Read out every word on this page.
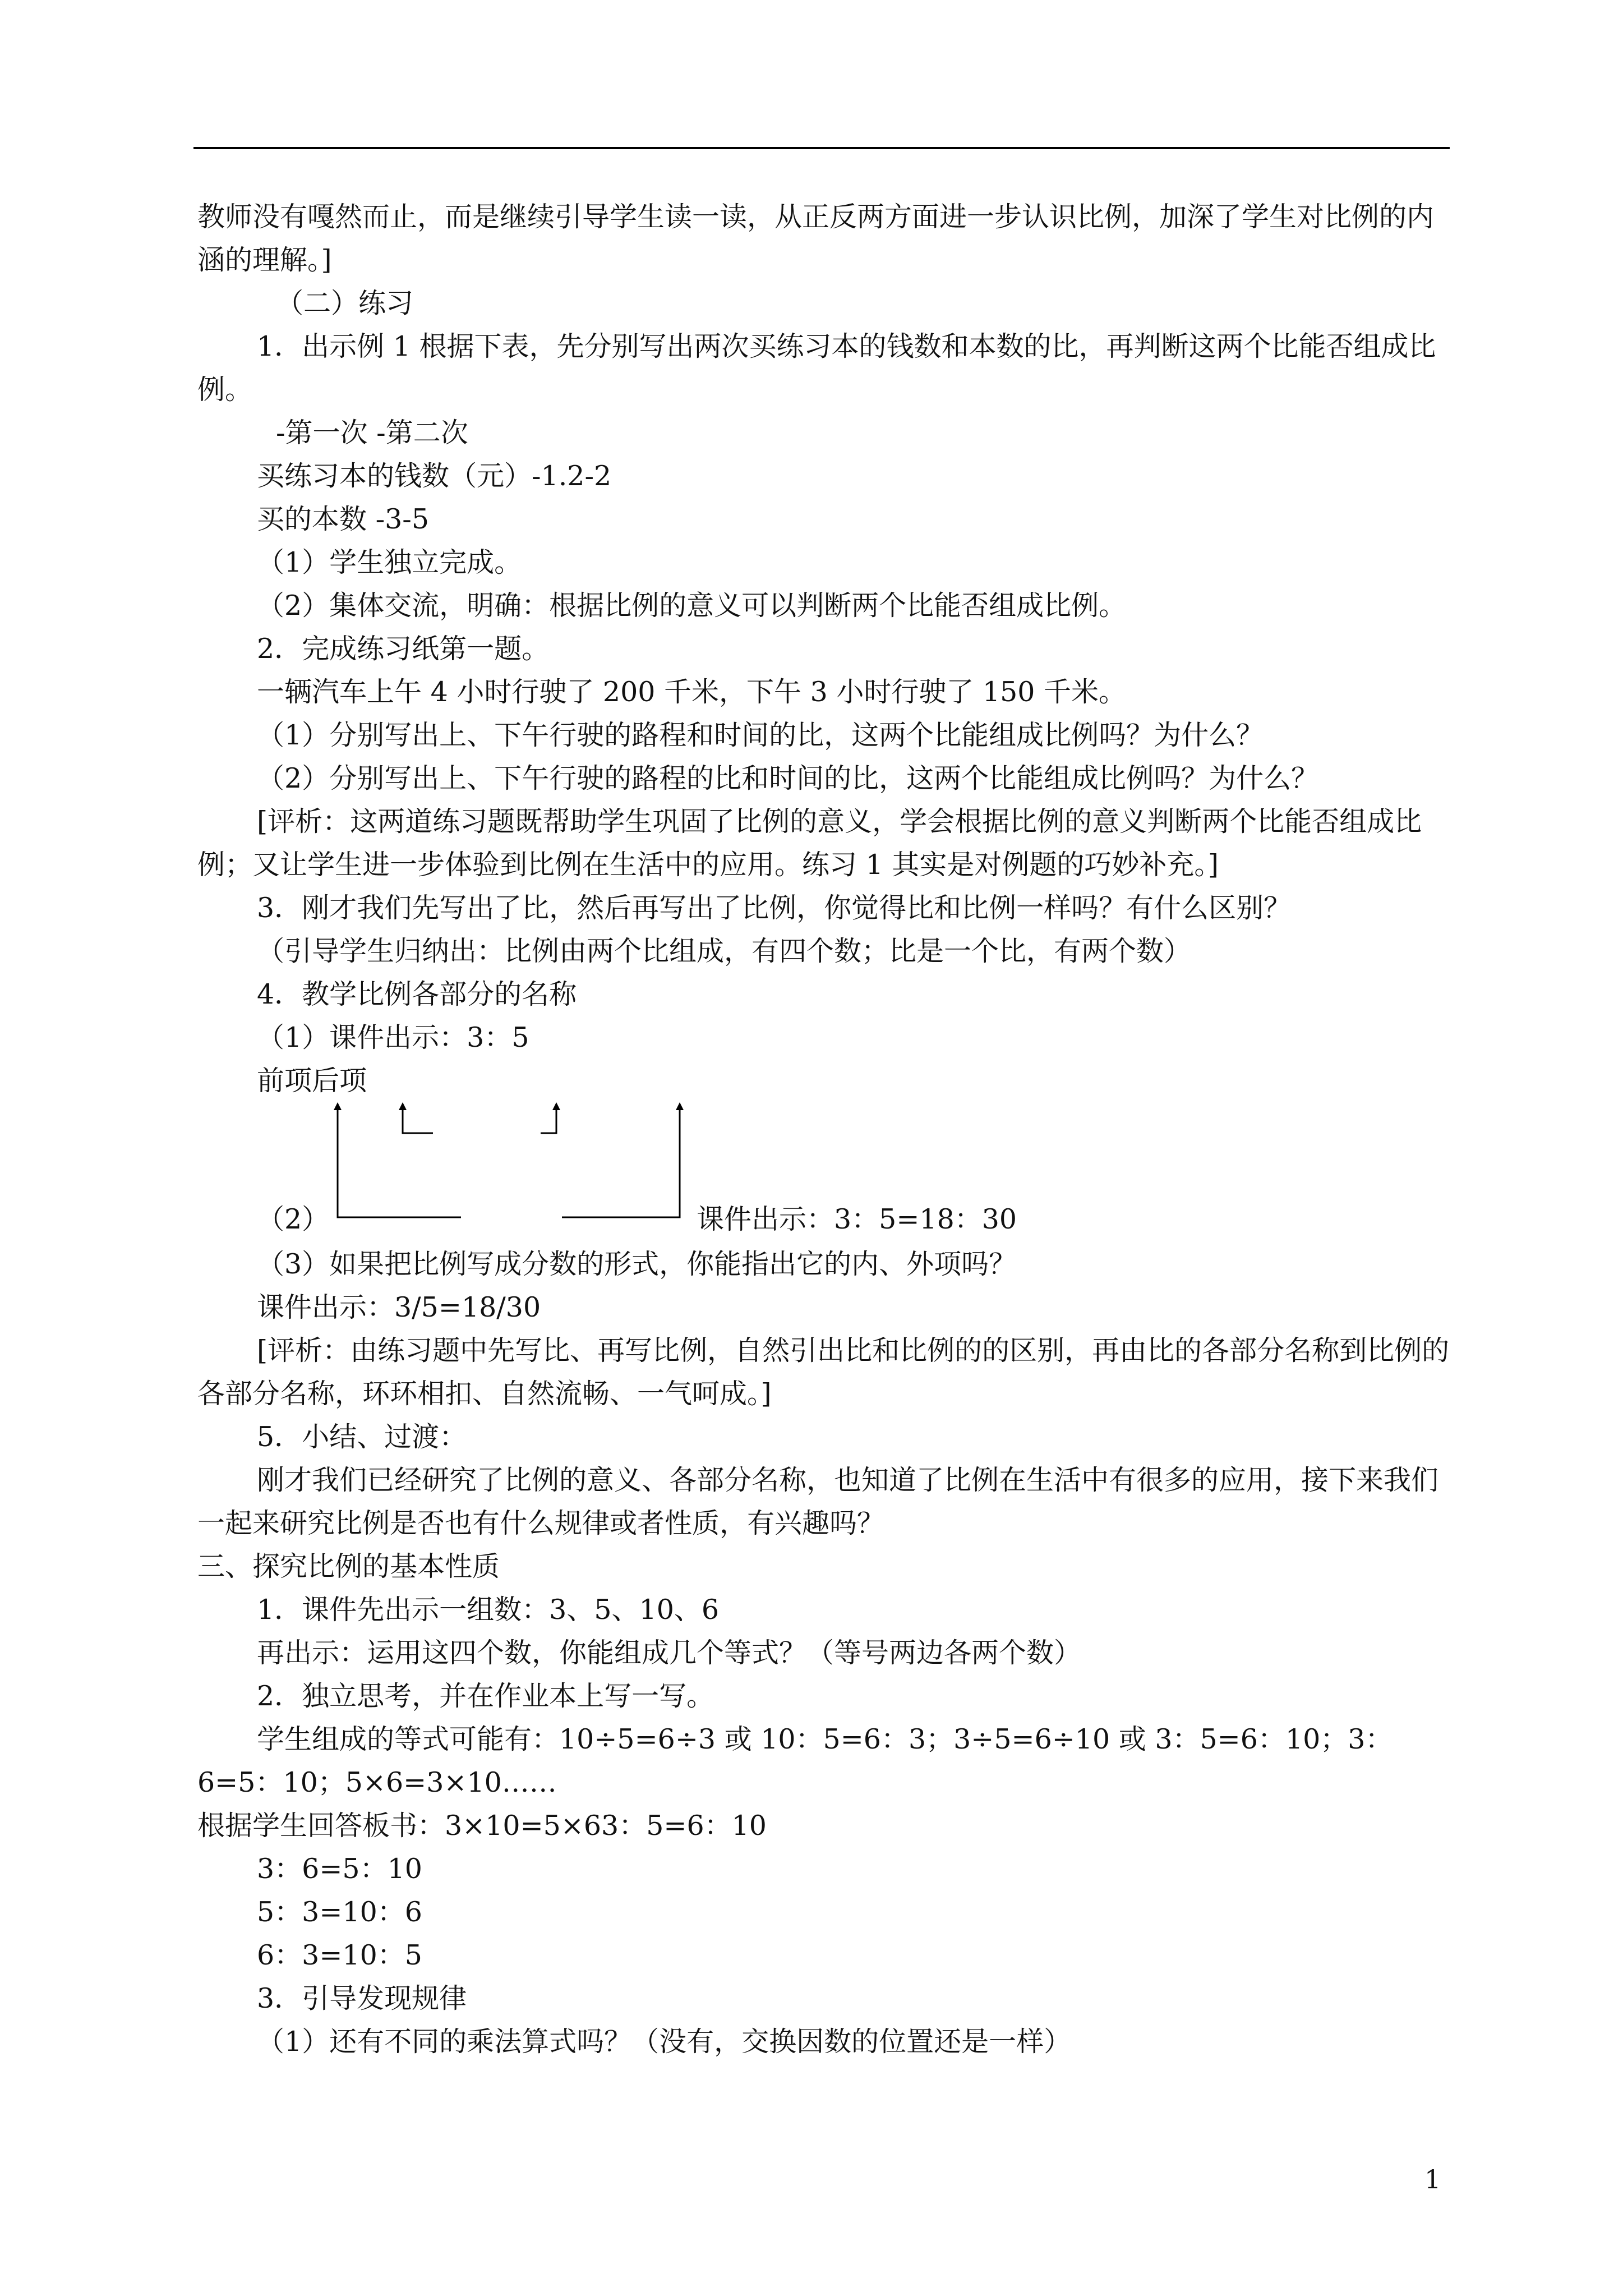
教师没有嘎然而止，而是继续引导学生读一读，从正反两方面进一步认识比例，加深了学生对比例的内涵的理解。]

（二）练习

1．出示例 1 根据下表，先分别写出两次买练习本的钱数和本数的比，再判断这两个比能否组成比例。

-第一次 -第二次

买练习本的钱数（元）-1.2-2

买的本数 -3-5

（1）学生独立完成。

（2）集体交流，明确：根据比例的意义可以判断两个比能否组成比例。

2．完成练习纸第一题。

一辆汽车上午 4 小时行驶了 200 千米，下午 3 小时行驶了 150 千米。

（1）分别写出上、下午行驶的路程和时间的比，这两个比能组成比例吗？为什么？

（2）分别写出上、下午行驶的路程的比和时间的比，这两个比能组成比例吗？为什么？

[评析：这两道练习题既帮助学生巩固了比例的意义，学会根据比例的意义判断两个比能否组成比例；又让学生进一步体验到比例在生活中的应用。练习 1 其实是对例题的巧妙补充。]

3．刚才我们先写出了比，然后再写出了比例，你觉得比和比例一样吗？有什么区别？

（引导学生归纳出：比例由两个比组成，有四个数；比是一个比，有两个数）

4．教学比例各部分的名称

（1）课件出示：3：5

前项后项

（2）	课件出示：3：5=18：30

（3）如果把比例写成分数的形式，你能指出它的内、外项吗？

课件出示：3/5=18/30

[评析：由练习题中先写比、再写比例，自然引出比和比例的的区别，再由比的各部分名称到比例的各部分名称，环环相扣、自然流畅、一气呵成。]

5．小结、过渡：

刚才我们已经研究了比例的意义、各部分名称，也知道了比例在生活中有很多的应用，接下来我们一起来研究比例是否也有什么规律或者性质，有兴趣吗？

三、探究比例的基本性质

1．课件先出示一组数：3、5、10、6

再出示：运用这四个数，你能组成几个等式？（等号两边各两个数）

2．独立思考，并在作业本上写一写。

学生组成的等式可能有：10÷5=6÷3 或 10：5=6：3；3÷5=6÷10 或 3：5=6：10；3：6=5：10；5×6=3×10……

根据学生回答板书：3×10=5×63：5=6：10

3：6=5：10

5：3=10：6

6：3=10：5

3．引导发现规律

（1）还有不同的乘法算式吗？（没有，交换因数的位置还是一样）

1
